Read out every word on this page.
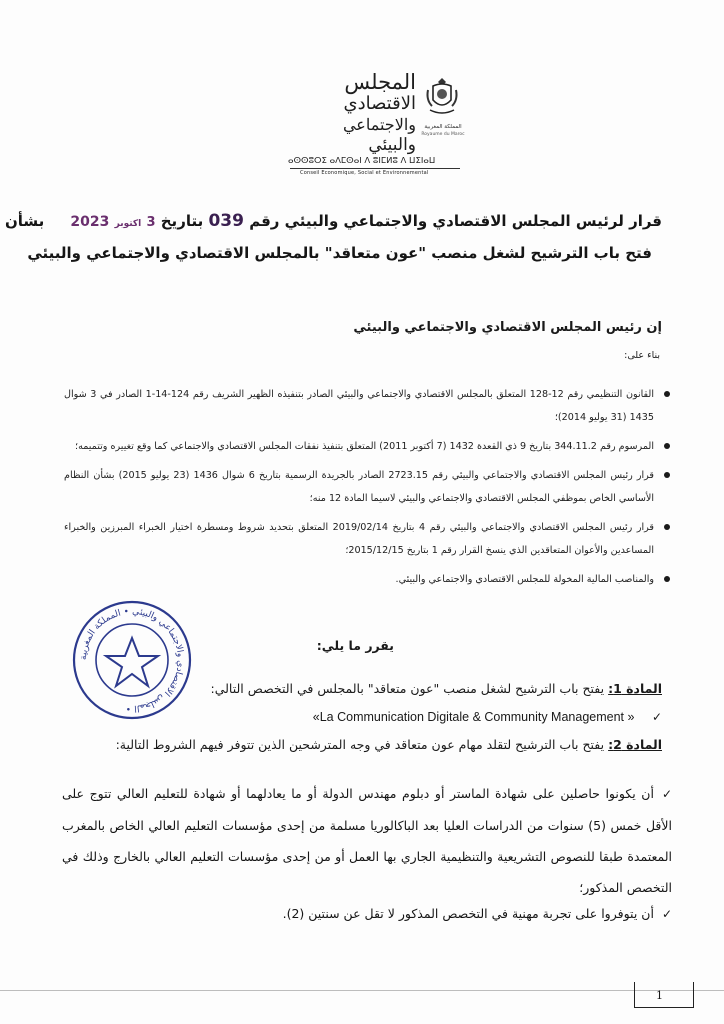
المجلس
الاقتصادي
والاجتماعي
والبيئي
المملكة المغربية
Royaume du Maroc
ⴰⵙⵙⵓⵔⵉ ⴰⴷⵎⵙⴰⵏ ⴷ ⵓⵏⵎⵍⵓ ⴷ ⵡⵉⵏⴰⵡ
Conseil Economique, Social et Environnemental
قرار لرئيس المجلس الاقتصادي والاجتماعي والبيئي رقم 039 بتاريخ 3 اكتوبر 2023     بشأن
فتح باب الترشيح لشغل منصب "عون متعاقد" بالمجلس الاقتصادي والاجتماعي والبيئي
إن رئيس المجلس الاقتصادي والاجتماعي والبيئي
بناء على:
القانون التنظيمي رقم 12-128 المتعلق بالمجلس الاقتصادي والاجتماعي والبيئي الصادر بتنفيذه الظهير الشريف رقم 124-14-1 الصادر في 3 شوال 1435 (31 يوليو 2014)؛
المرسوم رقم 344.11.2 بتاريخ 9 ذي القعدة 1432 (7 أكتوبر 2011) المتعلق بتنفيذ نفقات المجلس الاقتصادي والاجتماعي كما وقع تغييره وتتميمه؛
قرار رئيس المجلس الاقتصادي والاجتماعي والبيئي رقم 2723.15 الصادر بالجريدة الرسمية بتاريخ 6 شوال 1436 (23 يوليو 2015) بشأن النظام الأساسي الخاص بموظفي المجلس الاقتصادي والاجتماعي والبيئي لاسيما المادة 12 منه؛
قرار رئيس المجلس الاقتصادي والاجتماعي والبيئي رقم 4 بتاريخ 2019/02/14 المتعلق بتحديد شروط ومسطرة اختيار الخبراء المبرزين والخبراء المساعدين والأعوان المتعاقدين الذي ينسخ القرار رقم 1 بتاريخ 2015/12/15؛
والمناصب المالية المخولة للمجلس الاقتصادي والاجتماعي والبيئي.
المجلس الاقتصادي والاجتماعي والبيئي • المملكة المغربية •
يقرر ما يلي:
المادة 1: يفتح باب الترشيح لشغل منصب "عون متعاقد" بالمجلس في التخصص التالي:
«La Communication Digitale & Community Management » ✓
المادة 2: يفتح باب الترشيح لتقلد مهام عون متعاقد في وجه المترشحين الذين تتوفر فيهم الشروط التالية:
✓أن يكونوا حاصلين على شهادة الماستر أو دبلوم مهندس الدولة أو ما يعادلهما أو شهادة للتعليم العالي تتوج على الأقل خمس (5) سنوات من الدراسات العليا بعد الباكالوريا مسلمة من إحدى مؤسسات التعليم العالي الخاص بالمغرب المعتمدة طبقا للنصوص التشريعية والتنظيمية الجاري بها العمل أو من إحدى مؤسسات التعليم العالي بالخارج وذلك في التخصص المذكور؛
✓أن يتوفروا على تجربة مهنية في التخصص المذكور لا تقل عن سنتين (2).
1
